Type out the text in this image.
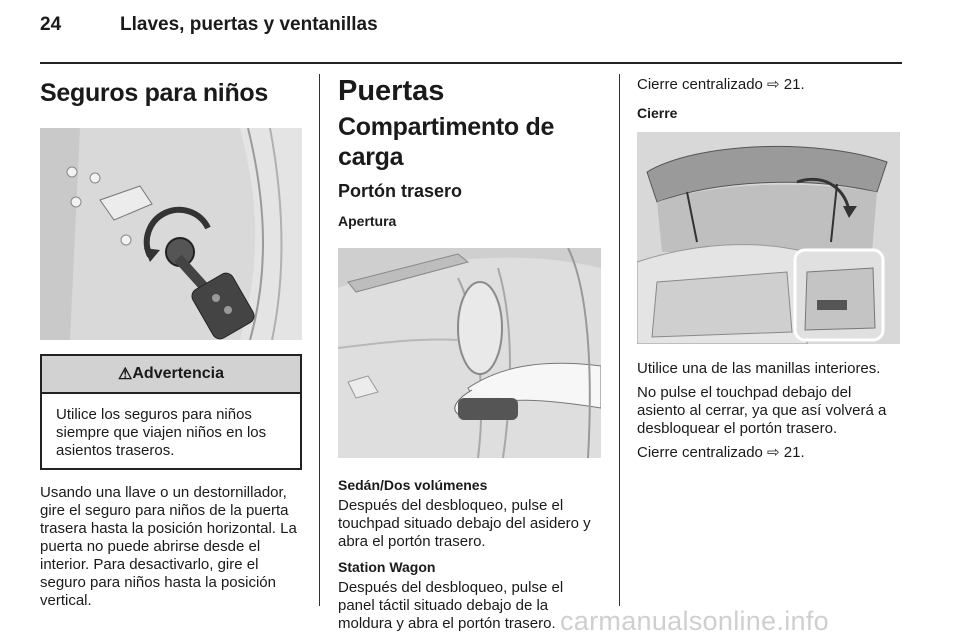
24	Llaves, puertas y ventanillas
Seguros para niños
⚠ Advertencia
Utilice los seguros para niños siempre que viajen niños en los asientos traseros.

Usando una llave o un destornillador, gire el seguro para niños de la puerta trasera hasta la posición horizontal. La puerta no puede abrirse desde el interior. Para desactivarlo, gire el seguro para niños hasta la posición vertical.

Puertas
Compartimento de carga
Portón trasero
Apertura
Sedán/Dos volúmenes

Después del desbloqueo, pulse el touchpad situado debajo del asidero y abra el portón trasero.

Station Wagon

Después del desbloqueo, pulse el panel táctil situado debajo de la moldura y abra el portón trasero.

Cierre centralizado ⇨ 21.

Cierre

Utilice una de las manillas interiores.

No pulse el touchpad debajo del asiento al cerrar, ya que así volverá a desbloquear el portón trasero.

Cierre centralizado ⇨ 21.

carmanualsonline.info
